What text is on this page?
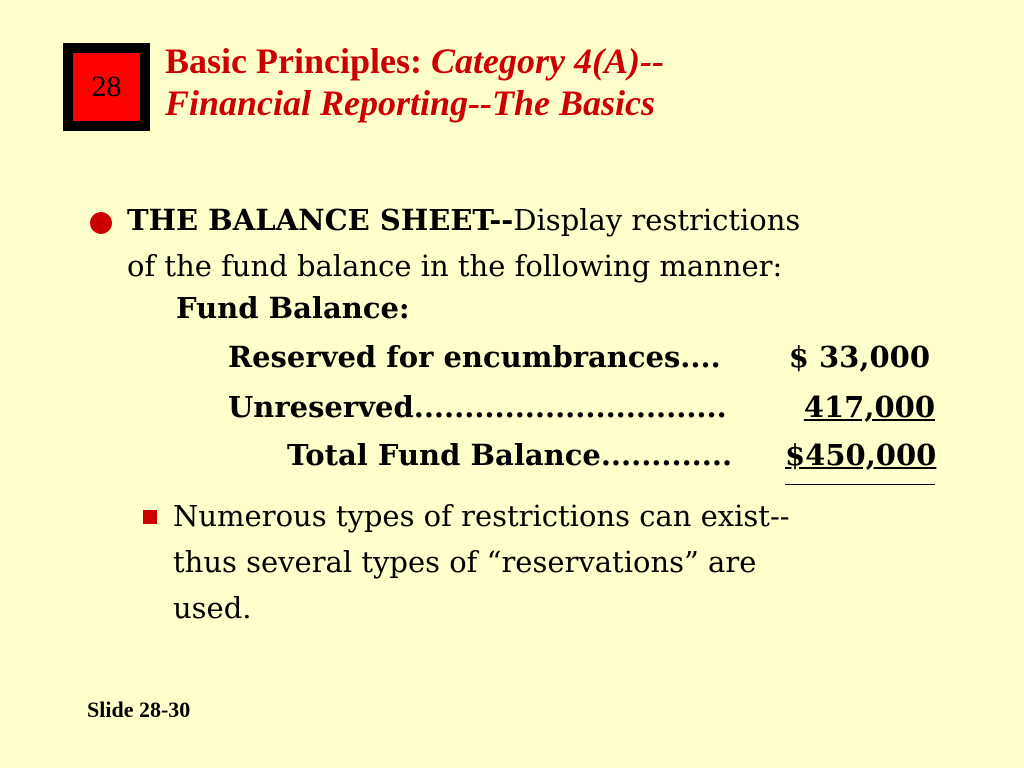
28
Basic Principles: Category 4(A)--
Financial Reporting--The Basics
THE BALANCE SHEET--Display restrictions
of the fund balance in the following manner:
Fund Balance:
Reserved for encumbrances....	$ 33,000
Unreserved...............................	417,000
Total Fund Balance............. $450,000
Numerous types of restrictions can exist--
thus several types of “reservations” are
used.
Slide 28-30
